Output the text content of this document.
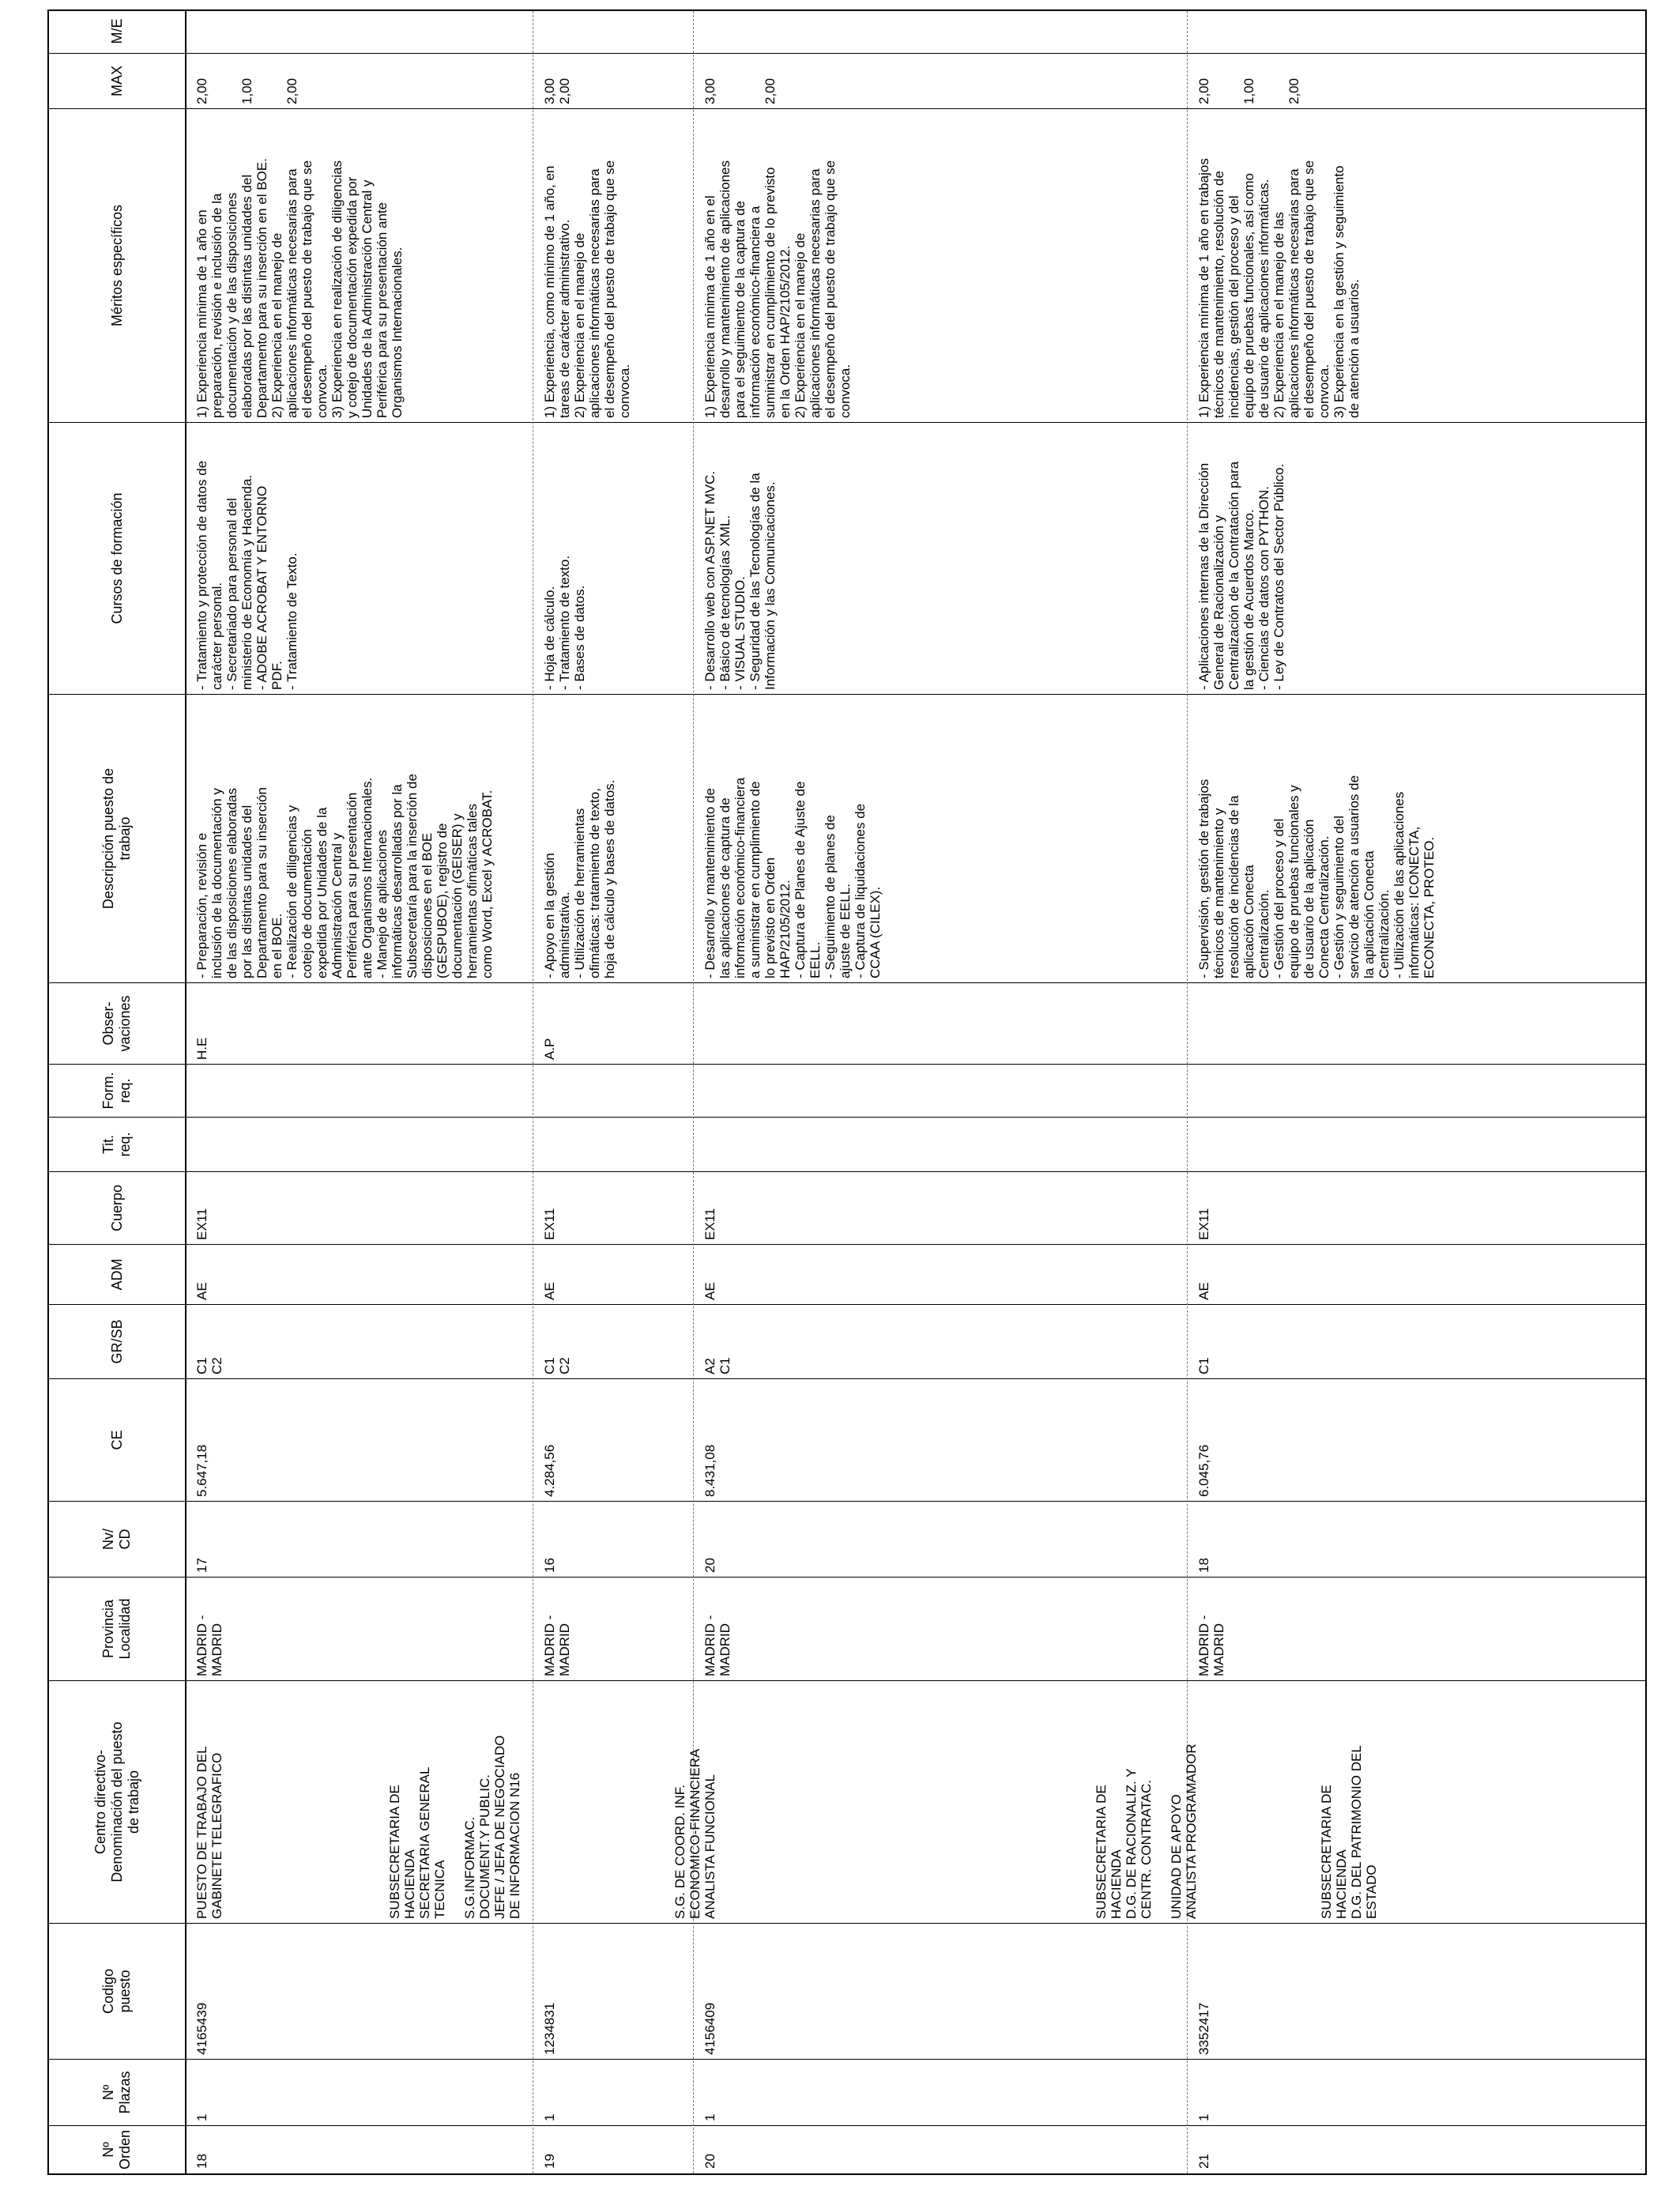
Nº
Orden
Nº
Plazas
Codigo
puesto
Centro directivo-
Denominación del puesto
de trabajo
Provincia
Localidad
Nv/
CD
CE
GR/SB
ADM
Cuerpo
Tit.
req.
Form.
req.
Obser-
vaciones
Descripción puesto de
trabajo
Cursos de formación
Méritos específicos
MAX
M/E
18
1
4165439
PUESTO DE TRABAJO DEL
GABINETE TELEGRAFICO
MADRID -
MADRID
17
5.647,18
C1
C2
AE
EX11
H.E
- Preparación, revisión e
inclusión de la documentación y
de las disposiciones elaboradas
por las distintas unidades del
Departamento para su inserción
en el BOE.
- Realización de diligencias y
cotejo de documentación
expedida por Unidades de la
Administración Central y
Periférica para su presentación
ante Organismos Internacionales.
- Manejo de aplicaciones
informáticas desarrolladas por la
Subsecretaría para la inserción de
disposiciones en el BOE
(GESPUBOE), registro de
documentación (GEISER) y
herramientas ofimáticas tales
como Word, Excel y ACROBAT.
- Tratamiento y protección de datos de
carácter personal.
- Secretariado para personal del
ministerio de Economía y Hacienda.
- ADOBE ACROBAT Y ENTORNO
PDF.
- Tratamiento de Texto.
1) Experiencia mínima de 1 año en
preparación, revisión e inclusión de la
documentación y de las disposiciones
elaboradas por las distintas unidades del
Departamento para su inserción en el BOE.
2) Experiencia en el manejo de
aplicaciones informáticas necesarias para
el desempeño del puesto de trabajo que se
convoca.
3) Experiencia en realización de diligencias
y cotejo de documentación expedida por
Unidades de la Administración Central y
Periférica para su presentación ante
Organismos Internacionales.
2,00

1,00

2,00
19
1
1234831
SUBSECRETARIA DE
HACIENDA
SECRETARIA GENERAL
TECNICA

S.G.INFORMAC.
DOCUMENT.Y PUBLIC.
JEFE / JEFA DE NEGOCIADO
DE INFORMACION N16
MADRID -
MADRID
16
4.284,56
C1
C2
AE
EX11
A.P
- Apoyo en la gestión
administrativa.
- Utilización de herramientas
ofimáticas: tratamiento de texto,
hoja de cálculo y bases de datos.
- Hoja de cálculo.
- Tratamiento de texto.
- Bases de datos.
1) Experiencia, como mínimo de 1 año, en
tareas de carácter administrativo.
2) Experiencia en el manejo de
aplicaciones informáticas necesarias para
el desempeño del puesto de trabajo que se
convoca.
3,00
2,00
20
1
4156409
S.G. DE COORD. INF.
ECONOMICO-FINANCIERA
ANALISTA FUNCIONAL
MADRID -
MADRID
20
8.431,08
A2
C1
AE
EX11
- Desarrollo y mantenimiento de
las aplicaciones de captura de
información económico-financiera
a suministrar en cumplimiento de
lo previsto en Orden
HAP/2105/2012.
- Captura de Planes de Ajuste de
EELL.
- Seguimiento de planes de
ajuste de EELL.
- Captura de liquidaciones de
CCAA (CILEX).
- Desarrollo web con ASP.NET MVC.
- Básico de tecnologías XML.
- VISUAL STUDIO.
- Seguridad de las Tecnologías de la
Información y las Comunicaciones.
1) Experiencia mínima de 1 año en el
desarrollo y mantenimiento de aplicaciones
para el seguimiento de la captura de
información económico-financiera a
suministrar en cumplimiento de lo previsto
en la Orden HAP/2105/2012.
2) Experiencia en el manejo de
aplicaciones informáticas necesarias para
el desempeño del puesto de trabajo que se
convoca.
3,00

2,00
21
1
3352417
SUBSECRETARIA DE
HACIENDA
D.G. DE RACIONALIZ. Y
CENTR. CONTRATAC.

UNIDAD DE APOYO
ANALISTA PROGRAMADOR

SUBSECRETARIA DE
HACIENDA
D.G. DEL PATRIMONIO DEL
ESTADO
MADRID -
MADRID
18
6.045,76
C1
AE
EX11
- Supervisión, gestión de trabajos
técnicos de mantenimiento y
resolución de incidencias de la
aplicación Conecta
Centralización.
- Gestión del proceso y del
equipo de pruebas funcionales y
de usuario de la aplicación
Conecta Centralización.
- Gestión y seguimiento del
servicio de atención a usuarios de
la aplicación Conecta
Centralización.
- Utilización de las aplicaciones
informáticas: ICONECTA,
ECONECTA, PROTEO.
- Aplicaciones internas de la Dirección
General de Racionalización y
Centralización de la Contratación para
la gestión de Acuerdos Marco.
- Ciencias de datos con PYTHON.
- Ley de Contratos del Sector Público.
1) Experiencia mínima de 1 año en trabajos
técnicos de mantenimiento, resolución de
incidencias, gestión del proceso y del
equipo de pruebas funcionales, así como
de usuario de aplicaciones informáticas.
2) Experiencia en el manejo de las
aplicaciones informáticas necesarias para
el desempeño del puesto de trabajo que se
convoca.
3) Experiencia en la gestión y seguimiento
de atención a usuarios.
2,00

1,00

2,00
